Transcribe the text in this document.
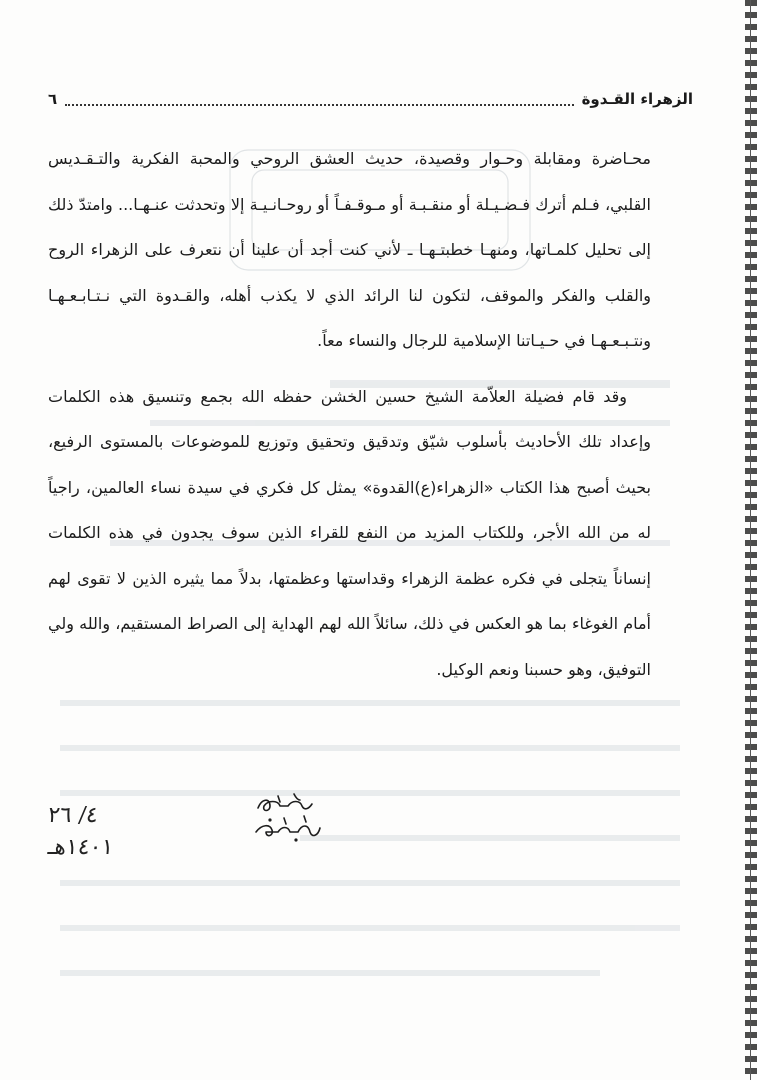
الزهراء القـدوة
٦

محـاضرة ومقابلة وحـوار وقصيدة، حديث العشق الروحي والمحبة الفكرية والتـقـديس القلبي، فـلم أترك فـضـيـلة أو منقـبـة أو مـوقـفـاً أو روحـانـيـة إلا وتحدثت عنـهـا... وامتدّ ذلك إلى تحليل كلمـاتها، ومنهـا خطبتـهـا ـ لأني كنت أجد أن علينا أن نتعرف على الزهراء الروح والقلب والفكر والموقف، لتكون لنا الرائد الذي لا يكذب أهله، والقـدوة التي نـتـابـعـهـا ونتـبـعـهـا في حـيـاتنا الإسلامية للرجال والنساء معاً.

وقد قام فضيلة العلاّمة الشيخ حسين الخشن حفظه الله بجمع وتنسيق هذه الكلمات وإعداد تلك الأحاديث بأسلوب شيّق وتدقيق وتحقيق وتوزيع للموضوعات بالمستوى الرفيع، بحيث أصبح هذا الكتاب «الزهراء(ع)القدوة» يمثل كل فكري في سيدة نساء العالمين، راجياً له من الله الأجر، وللكتاب المزيد من النفع للقراء الذين سوف يجدون في هذه الكلمات إنساناً يتجلى في فكره عظمة الزهراء وقداستها وعظمتها، بدلاً مما يثيره الذين لا تقوى لهم أمام الغوغاء بما هو العكس في ذلك، سائلاً الله لهم الهداية إلى الصراط المستقيم، والله ولي التوفيق، وهو حسبنا ونعم الوكيل.

٤/ ٢٦
١٤٠١هـ
